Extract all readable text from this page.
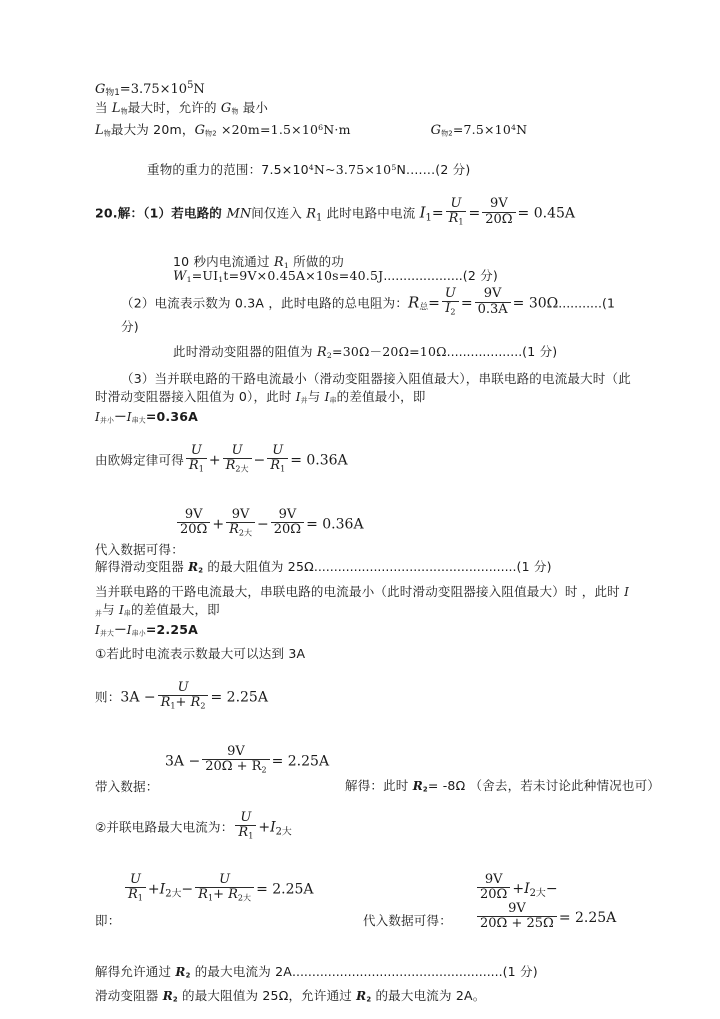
G物$1=3.75\times 10^5N$
当 L物最大时，允许的 G物 最小
L物最大为 20m，G物$2 \times 20m=1.5\times 10^6N\cdot m$	G物$2=7.5\times 10^4N$
重物的重力的范围：$7.5\times 10^4N\sim 3.75\times 10^5N.......(2$ 分)
20.解：（1）若电路的 MN间仅连入 $R_1$ 此时电路中电流 $I_1= \frac{U}{R_1} = \frac{9V}{20\Omega} = 0.45A$
10 秒内电流通过 $R_1$ 所做的功 $W_1=UI_1t=9V\times 0.45A\times 10s=40.5J....................(2$ 分)
（2）电流表示数为 0.3A ，此时电路的总电阻为：R总= $\frac{U}{I_2} = \frac{9V}{0.3A} = 30\Omega...........(1$ 分)
此时滑动变阻器的阻值为 $R_2=30\Omega-20\Omega=10\Omega...................(1$ 分)
（3）当并联电路的干路电流最小（滑动变阻器接入阻值最大），串联电路的电流最大时（此时滑动变阻器接入阻值为 0），此时 I并与 I串的差值最小，即
I并小－I串大=0.36A
由欧姆定律可得 $\frac{U}{R_1} + \frac{U}{R_{2大}} - \frac{U}{R_1} = 0.36A$
$\frac{9V}{20\Omega} + \frac{9V}{R_{2大}} - \frac{9V}{20\Omega} = 0.36A$
代入数据可得：
解得滑动变阻器 R2 的最大阻值为 25Ω...................................................(1 分)
当并联电路的干路电流最大，串联电路的电流最小（此时滑动变阻器接入阻值最大）时 ，此时 I并与 I串的差值最大，即
I并大－I串小=2.25A
①若此时电流表示数最大可以达到 3A
则：$3A - \frac{U}{R_1+ R_2} = 2.25A$
$3A - \frac{9V}{20\Omega + R_2} = 2.25A$
带入数据：	解得：此时 R2= -8Ω （舍去，若未讨论此种情况也可）
②并联电路最大电流为： $\frac{U}{R_1} +I_{2大}$
即：
$\frac{U}{R_1} +I_{2大}- \frac{U}{R_1+ R_{2大}} = 2.25A$
代入数据可得：
$\frac{9V}{20\Omega} +I_{2大}-$
$\frac{9V}{20\Omega + 25\Omega} = 2.25A$
解得允许通过 R2 的最大电流为 2A.....................................................(1 分)
滑动变阻器 R2 的最大阻值为 25Ω，允许通过 R2 的最大电流为 2A。
